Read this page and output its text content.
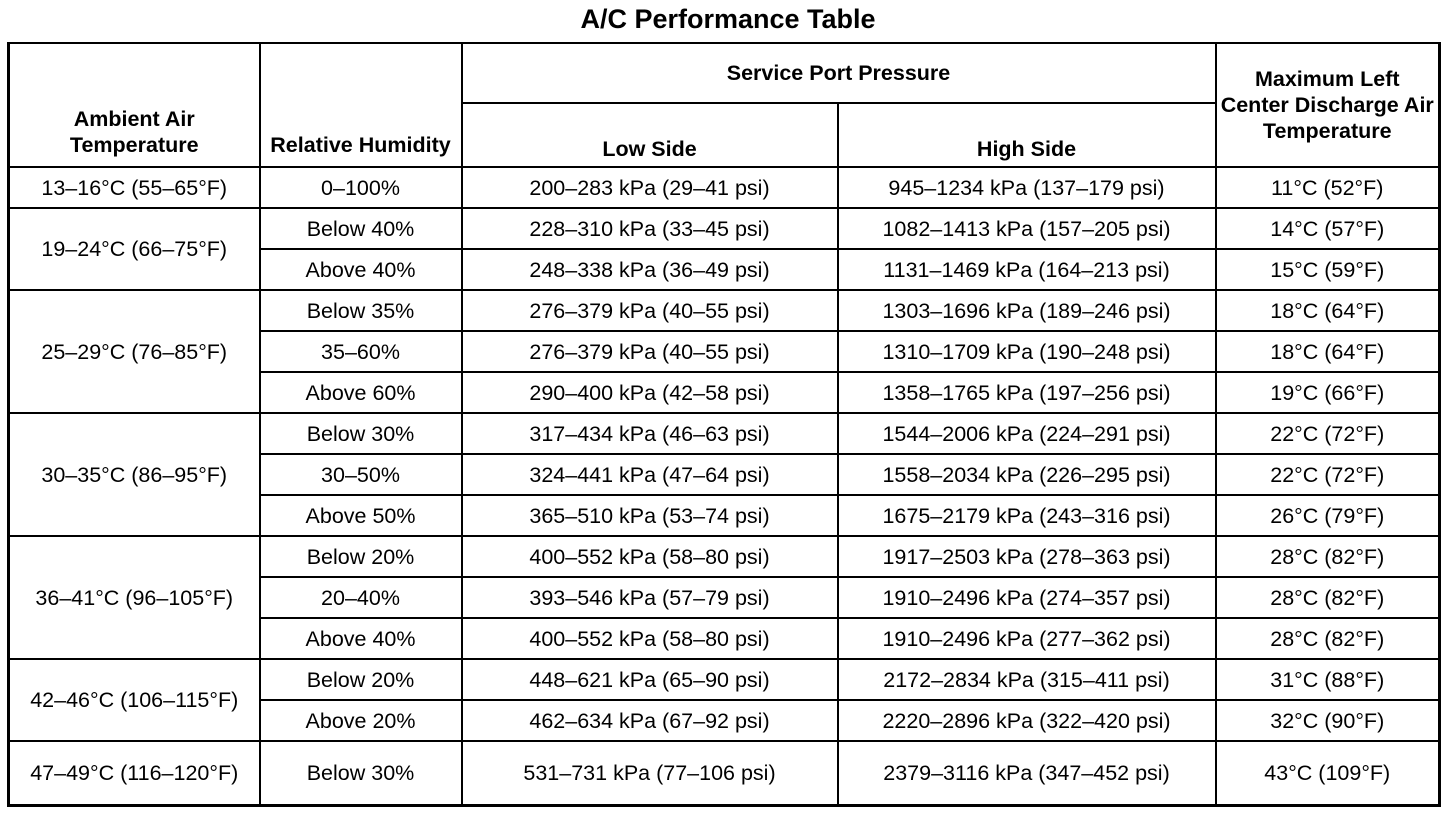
A/C Performance Table
Ambient Air Temperature	Relative Humidity	Service Port Pressure		Maximum Left Center Discharge Air Temperature
		Low Side	High Side	
13–16°C (55–65°F)	0–100%	200–283 kPa (29–41 psi)	945–1234 kPa (137–179 psi)	11°C (52°F)
19–24°C (66–75°F)	Below 40%	228–310 kPa (33–45 psi)	1082–1413 kPa (157–205 psi)	14°C (57°F)
	Above 40%	248–338 kPa (36–49 psi)	1131–1469 kPa (164–213 psi)	15°C (59°F)
25–29°C (76–85°F)	Below 35%	276–379 kPa (40–55 psi)	1303–1696 kPa (189–246 psi)	18°C (64°F)
	35–60%	276–379 kPa (40–55 psi)	1310–1709 kPa (190–248 psi)	18°C (64°F)
	Above 60%	290–400 kPa (42–58 psi)	1358–1765 kPa (197–256 psi)	19°C (66°F)
30–35°C (86–95°F)	Below 30%	317–434 kPa (46–63 psi)	1544–2006 kPa (224–291 psi)	22°C (72°F)
	30–50%	324–441 kPa (47–64 psi)	1558–2034 kPa (226–295 psi)	22°C (72°F)
	Above 50%	365–510 kPa (53–74 psi)	1675–2179 kPa (243–316 psi)	26°C (79°F)
36–41°C (96–105°F)	Below 20%	400–552 kPa (58–80 psi)	1917–2503 kPa (278–363 psi)	28°C (82°F)
	20–40%	393–546 kPa (57–79 psi)	1910–2496 kPa (274–357 psi)	28°C (82°F)
	Above 40%	400–552 kPa (58–80 psi)	1910–2496 kPa (277–362 psi)	28°C (82°F)
42–46°C (106–115°F)	Below 20%	448–621 kPa (65–90 psi)	2172–2834 kPa (315–411 psi)	31°C (88°F)
	Above 20%	462–634 kPa (67–92 psi)	2220–2896 kPa (322–420 psi)	32°C (90°F)
47–49°C (116–120°F)	Below 30%	531–731 kPa (77–106 psi)	2379–3116 kPa (347–452 psi)	43°C (109°F)
